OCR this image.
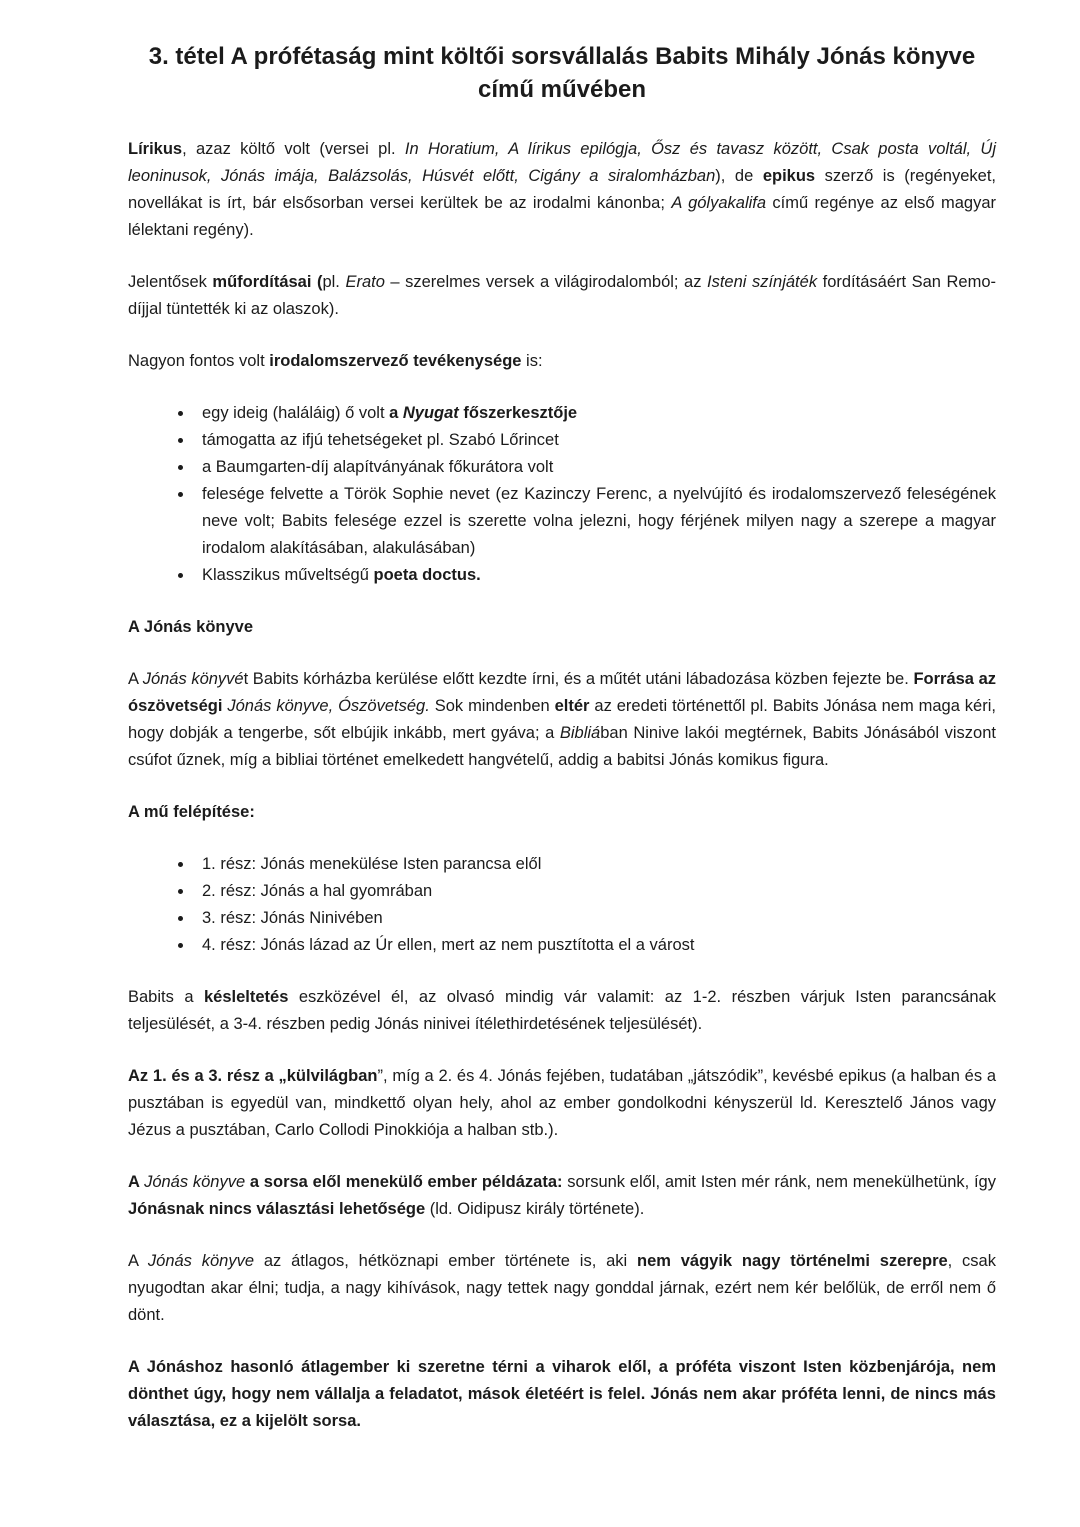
3. tétel A prófétaság mint költői sorsvállalás Babits Mihály Jónás könyve című művében

Lírikus, azaz költő volt (versei pl. In Horatium, A lírikus epilógja, Ősz és tavasz között, Csak posta voltál, Új leoninusok, Jónás imája, Balázsolás, Húsvét előtt, Cigány a siralomházban), de epikus szerző is (regényeket, novellákat is írt, bár elsősorban versei kerültek be az irodalmi kánonba; A gólyakalifa című regénye az első magyar lélektani regény).

Jelentősek műfordításai (pl. Erato – szerelmes versek a világirodalomból; az Isteni színjáték fordításáért San Remo-díjjal tüntették ki az olaszok).

Nagyon fontos volt irodalomszervező tevékenysége is:

• egy ideig (haláláig) ő volt a Nyugat főszerkesztője
• támogatta az ifjú tehetségeket pl. Szabó Lőrincet
• a Baumgarten-díj alapítványának főkurátora volt
• felesége felvette a Török Sophie nevet (ez Kazinczy Ferenc, a nyelvújító és irodalomszervező feleségének neve volt; Babits felesége ezzel is szerette volna jelezni, hogy férjének milyen nagy a szerepe a magyar irodalom alakításában, alakulásában)
• Klasszikus műveltségű poeta doctus.
A Jónás könyve

A Jónás könyvét Babits kórházba kerülése előtt kezdte írni, és a műtét utáni lábadozása közben fejezte be. Forrása az ószövetségi Jónás könyve, Ószövetség. Sok mindenben eltér az eredeti történettől pl. Babits Jónása nem maga kéri, hogy dobják a tengerbe, sőt elbújik inkább, mert gyáva; a Bibliában Ninive lakói megtérnek, Babits Jónásából viszont csúfot űznek, míg a bibliai történet emelkedett hangvételű, addig a babitsi Jónás komikus figura.

A mű felépítése:
• 1. rész: Jónás menekülése Isten parancsa elől
• 2. rész: Jónás a hal gyomrában
• 3. rész: Jónás Ninivében
• 4. rész: Jónás lázad az Úr ellen, mert az nem pusztította el a várost

Babits a késleltetés eszközével él, az olvasó mindig vár valamit: az 1-2. részben várjuk Isten parancsának teljesülését, a 3-4. részben pedig Jónás ninivei ítélethirdetésének teljesülését).

Az 1. és a 3. rész a „külvilágban”, míg a 2. és 4. Jónás fejében, tudatában „játszódik”, kevésbé epikus (a halban és a pusztában is egyedül van, mindkettő olyan hely, ahol az ember gondolkodni kényszerül ld. Keresztelő János vagy Jézus a pusztában, Carlo Collodi Pinokkiója a halban stb.).

A Jónás könyve a sorsa elől menekülő ember példázata: sorsunk elől, amit Isten mér ránk, nem menekülhetünk, így Jónásnak nincs választási lehetősége (ld. Oidipusz király története).

A Jónás könyve az átlagos, hétköznapi ember története is, aki nem vágyik nagy történelmi szerepre, csak nyugodtan akar élni; tudja, a nagy kihívások, nagy tettek nagy gonddal járnak, ezért nem kér belőlük, de erről nem ő dönt.

A Jónáshoz hasonló átlagember ki szeretne térni a viharok elől, a próféta viszont Isten közbenjárója, nem dönthet úgy, hogy nem vállalja a feladatot, mások életéért is felel. Jónás nem akar próféta lenni, de nincs más választása, ez a kijelölt sorsa.
